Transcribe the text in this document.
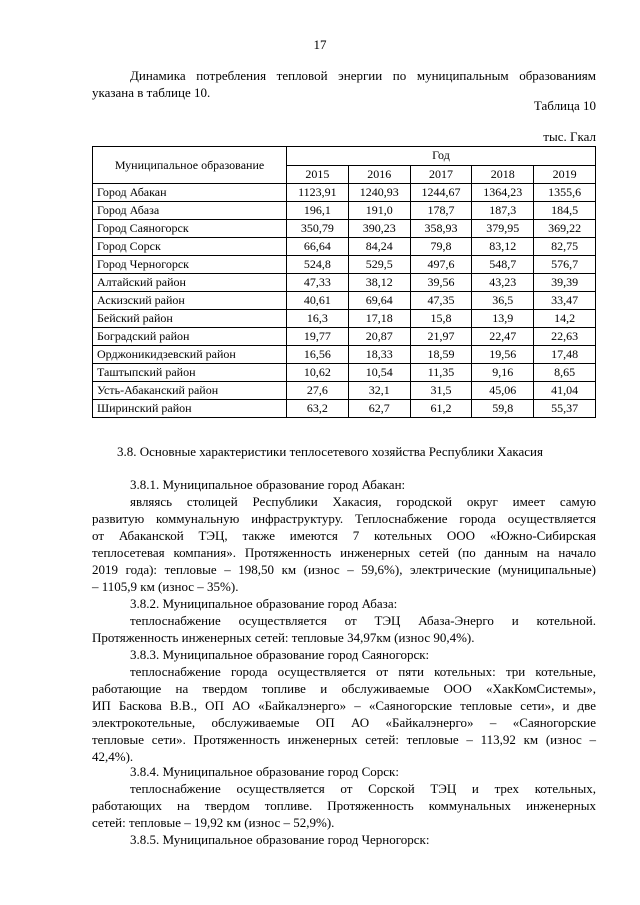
17
Динамика потребления тепловой энергии по муниципальным образованиям
указана в таблице 10.
Таблица 10
тыс. Гкал
Муниципальное образование	Год				
	2015	2016	2017	2018	2019
Город Абакан	1123,91	1240,93	1244,67	1364,23	1355,6
Город Абаза	196,1	191,0	178,7	187,3	184,5
Город Саяногорск	350,79	390,23	358,93	379,95	369,22
Город Сорск	66,64	84,24	79,8	83,12	82,75
Город Черногорск	524,8	529,5	497,6	548,7	576,7
Алтайский район	47,33	38,12	39,56	43,23	39,39
Аскизский район	40,61	69,64	47,35	36,5	33,47
Бейский район	16,3	17,18	15,8	13,9	14,2
Боградский район	19,77	20,87	21,97	22,47	22,63
Орджоникидзевский район	16,56	18,33	18,59	19,56	17,48
Таштыпский район	10,62	10,54	11,35	9,16	8,65
Усть-Абаканский район	27,6	32,1	31,5	45,06	41,04
Ширинский район	63,2	62,7	61,2	59,8	55,37
3.8. Основные характеристики теплосетевого хозяйства Республики Хакасия
3.8.1. Муниципальное образование город Абакан:
являясь столицей Республики Хакасия, городской округ имеет самую
развитую коммунальную инфраструктуру. Теплоснабжение города осуществляется
от Абаканской ТЭЦ, также имеются 7 котельных ООО «Южно-Сибирская
теплосетевая компания». Протяженность инженерных сетей (по данным на начало
2019 года): тепловые – 198,50 км (износ – 59,6%), электрические (муниципальные)
– 1105,9 км (износ – 35%).
3.8.2. Муниципальное образование город Абаза:
теплоснабжение осуществляется от ТЭЦ Абаза-Энерго и котельной.
Протяженность инженерных сетей: тепловые 34,97км (износ 90,4%).
3.8.3. Муниципальное образование город Саяногорск:
теплоснабжение города осуществляется от пяти котельных: три котельные,
работающие на твердом топливе и обслуживаемые ООО «ХакКомСистемы»,
ИП Баскова В.В., ОП АО «Байкалэнерго» – «Саяногорские тепловые сети», и две
электрокотельные, обслуживаемые ОП АО «Байкалэнерго» – «Саяногорские
тепловые сети». Протяженность инженерных сетей: тепловые – 113,92 км (износ –
42,4%).
3.8.4. Муниципальное образование город Сорск:
теплоснабжение осуществляется от Сорской ТЭЦ и трех котельных,
работающих на твердом топливе. Протяженность коммунальных инженерных
сетей: тепловые – 19,92 км (износ – 52,9%).
3.8.5. Муниципальное образование город Черногорск:
